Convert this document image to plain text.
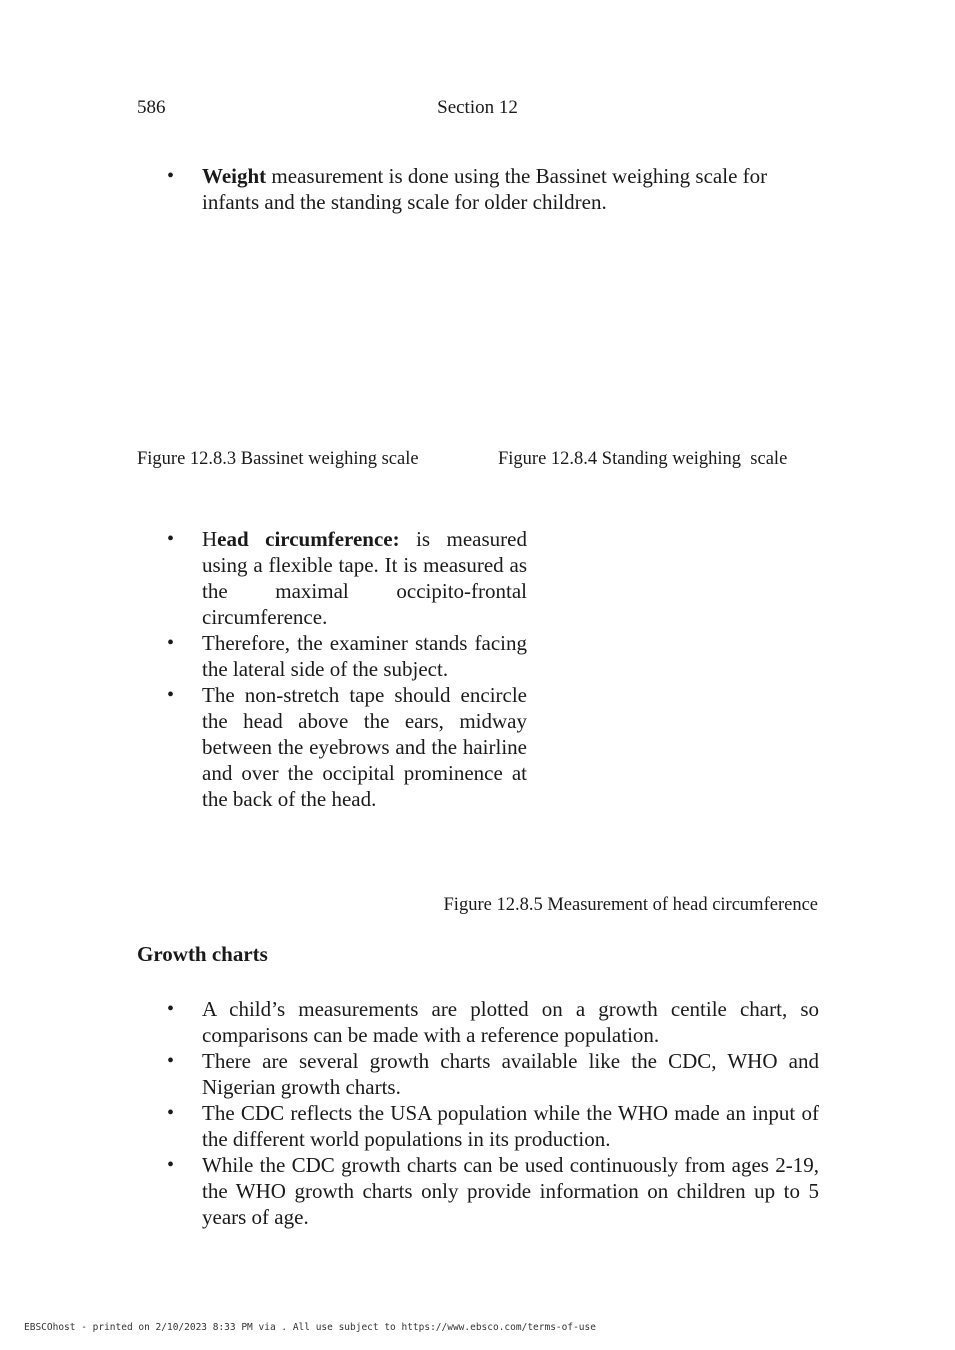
586	Section 12
• Weight measurement is done using the Bassinet weighing scale for infants and the standing scale for older children.
Figure 12.8.3 Bassinet weighing scale	Figure 12.8.4 Standing weighing  scale
• Head circumference: is measured using a flexible tape. It is measured as the maximal occipito-frontal circumference.
• Therefore, the examiner stands facing the lateral side of the subject.
• The non-stretch tape should encircle the head above the ears, midway between the eyebrows and the hairline and over the occipital prominence at the back of the head.
Figure 12.8.5 Measurement of head circumference
Growth charts
• A child’s measurements are plotted on a growth centile chart, so comparisons can be made with a reference population.
• There are several growth charts available like the CDC, WHO and Nigerian growth charts.
• The CDC reflects the USA population while the WHO made an input of the different world populations in its production.
• While the CDC growth charts can be used continuously from ages 2-19, the WHO growth charts only provide information on children up to 5 years of age.
EBSCOhost - printed on 2/10/2023 8:33 PM via . All use subject to https://www.ebsco.com/terms-of-use
